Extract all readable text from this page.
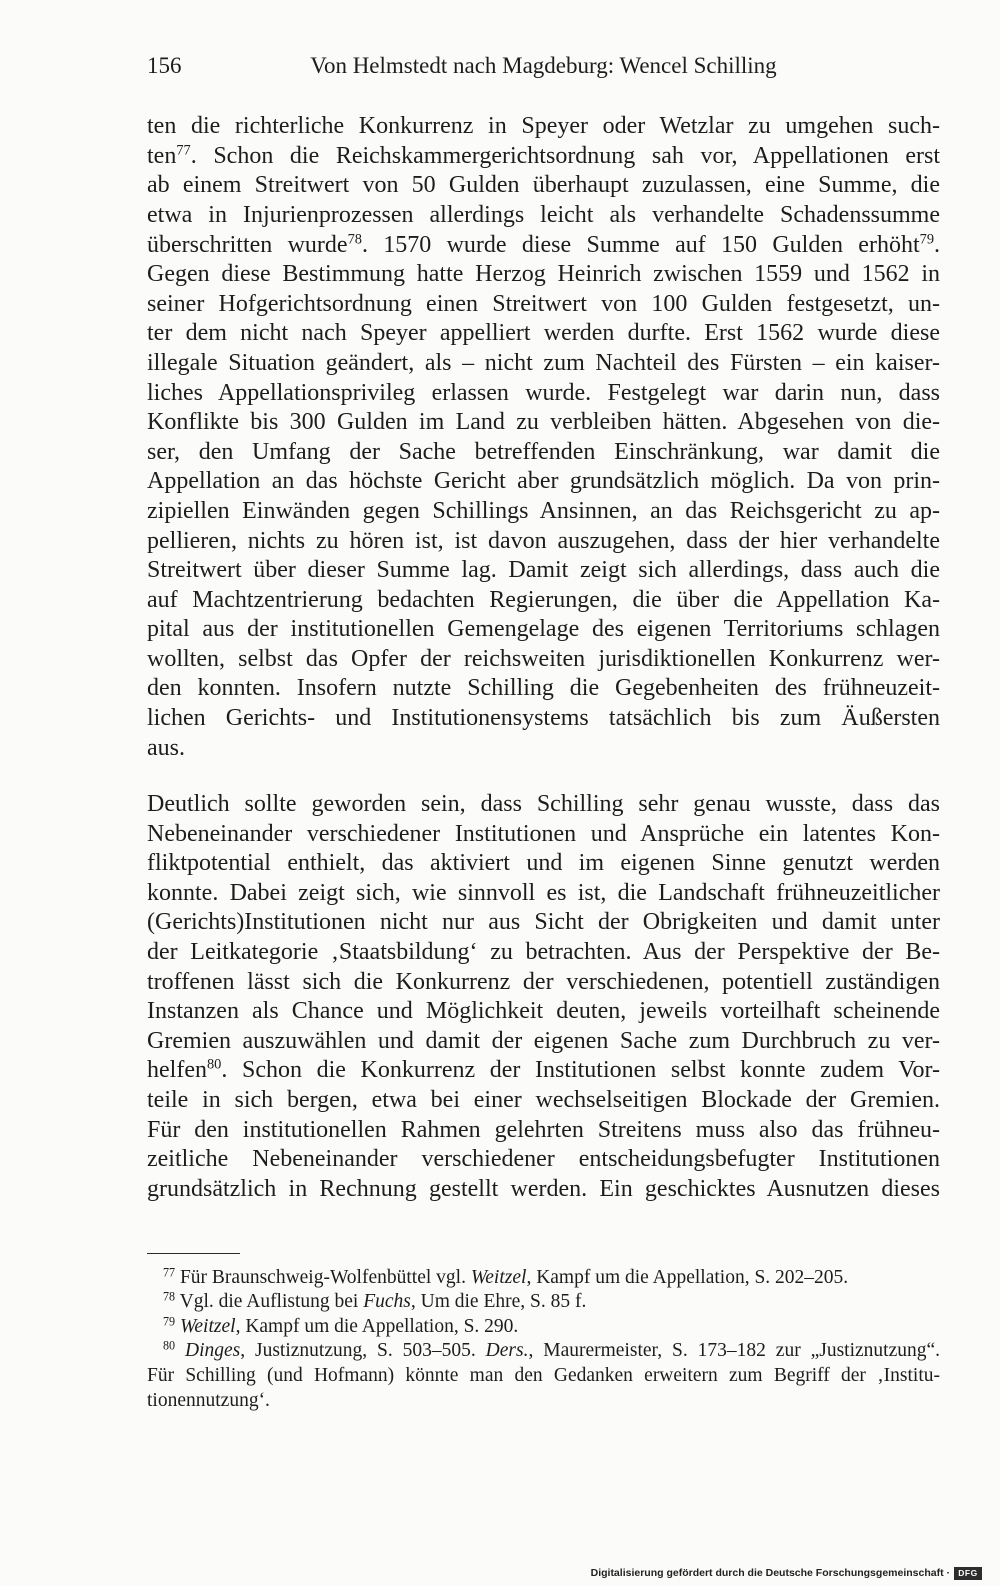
156	Von Helmstedt nach Magdeburg: Wencel Schilling
ten die richterliche Konkurrenz in Speyer oder Wetzlar zu umgehen such-
ten$^{77}$. Schon die Reichskammergerichtsordnung sah vor, Appellationen erst
ab einem Streitwert von 50 Gulden überhaupt zuzulassen, eine Summe, die
etwa in Injurienprozessen allerdings leicht als verhandelte Schadenssumme
überschritten wurde$^{78}$. 1570 wurde diese Summe auf 150 Gulden erhöht$^{79}$.
Gegen diese Bestimmung hatte Herzog Heinrich zwischen 1559 und 1562 in
seiner Hofgerichtsordnung einen Streitwert von 100 Gulden festgesetzt, un-
ter dem nicht nach Speyer appelliert werden durfte. Erst 1562 wurde diese
illegale Situation geändert, als – nicht zum Nachteil des Fürsten – ein kaiser-
liches Appellationsprivileg erlassen wurde. Festgelegt war darin nun, dass
Konflikte bis 300 Gulden im Land zu verbleiben hätten. Abgesehen von die-
ser, den Umfang der Sache betreffenden Einschränkung, war damit die
Appellation an das höchste Gericht aber grundsätzlich möglich. Da von prin-
zipiellen Einwänden gegen Schillings Ansinnen, an das Reichsgericht zu ap-
pellieren, nichts zu hören ist, ist davon auszugehen, dass der hier verhandelte
Streitwert über dieser Summe lag. Damit zeigt sich allerdings, dass auch die
auf Machtzentrierung bedachten Regierungen, die über die Appellation Ka-
pital aus der institutionellen Gemengelage des eigenen Territoriums schlagen
wollten, selbst das Opfer der reichsweiten jurisdiktionellen Konkurrenz wer-
den konnten. Insofern nutzte Schilling die Gegebenheiten des frühneuzeit-
lichen Gerichts- und Institutionensystems tatsächlich bis zum Äußersten
aus.
Deutlich sollte geworden sein, dass Schilling sehr genau wusste, dass das
Nebeneinander verschiedener Institutionen und Ansprüche ein latentes Kon-
fliktpotential enthielt, das aktiviert und im eigenen Sinne genutzt werden
konnte. Dabei zeigt sich, wie sinnvoll es ist, die Landschaft frühneuzeitlicher
(Gerichts)Institutionen nicht nur aus Sicht der Obrigkeiten und damit unter
der Leitkategorie ‚Staatsbildung‘ zu betrachten. Aus der Perspektive der Be-
troffenen lässt sich die Konkurrenz der verschiedenen, potentiell zuständigen
Instanzen als Chance und Möglichkeit deuten, jeweils vorteilhaft scheinende
Gremien auszuwählen und damit der eigenen Sache zum Durchbruch zu ver-
helfen$^{80}$. Schon die Konkurrenz der Institutionen selbst konnte zudem Vor-
teile in sich bergen, etwa bei einer wechselseitigen Blockade der Gremien.
Für den institutionellen Rahmen gelehrten Streitens muss also das frühneu-
zeitliche Nebeneinander verschiedener entscheidungsbefugter Institutionen
grundsätzlich in Rechnung gestellt werden. Ein geschicktes Ausnutzen dieses
$^{77}$ Für Braunschweig-Wolfenbüttel vgl. Weitzel, Kampf um die Appellation, S. 202–205.
$^{78}$ Vgl. die Auflistung bei Fuchs, Um die Ehre, S. 85 f.
$^{79}$ Weitzel, Kampf um die Appellation, S. 290.
$^{80}$ Dinges, Justiznutzung, S. 503–505. Ders., Maurermeister, S. 173–182 zur „Justiznutzung“.
Für Schilling (und Hofmann) könnte man den Gedanken erweitern zum Begriff der ‚Institu-
tionennutzung‘.
Digitalisierung gefördert durch die Deutsche Forschungsgemeinschaft · DFG
